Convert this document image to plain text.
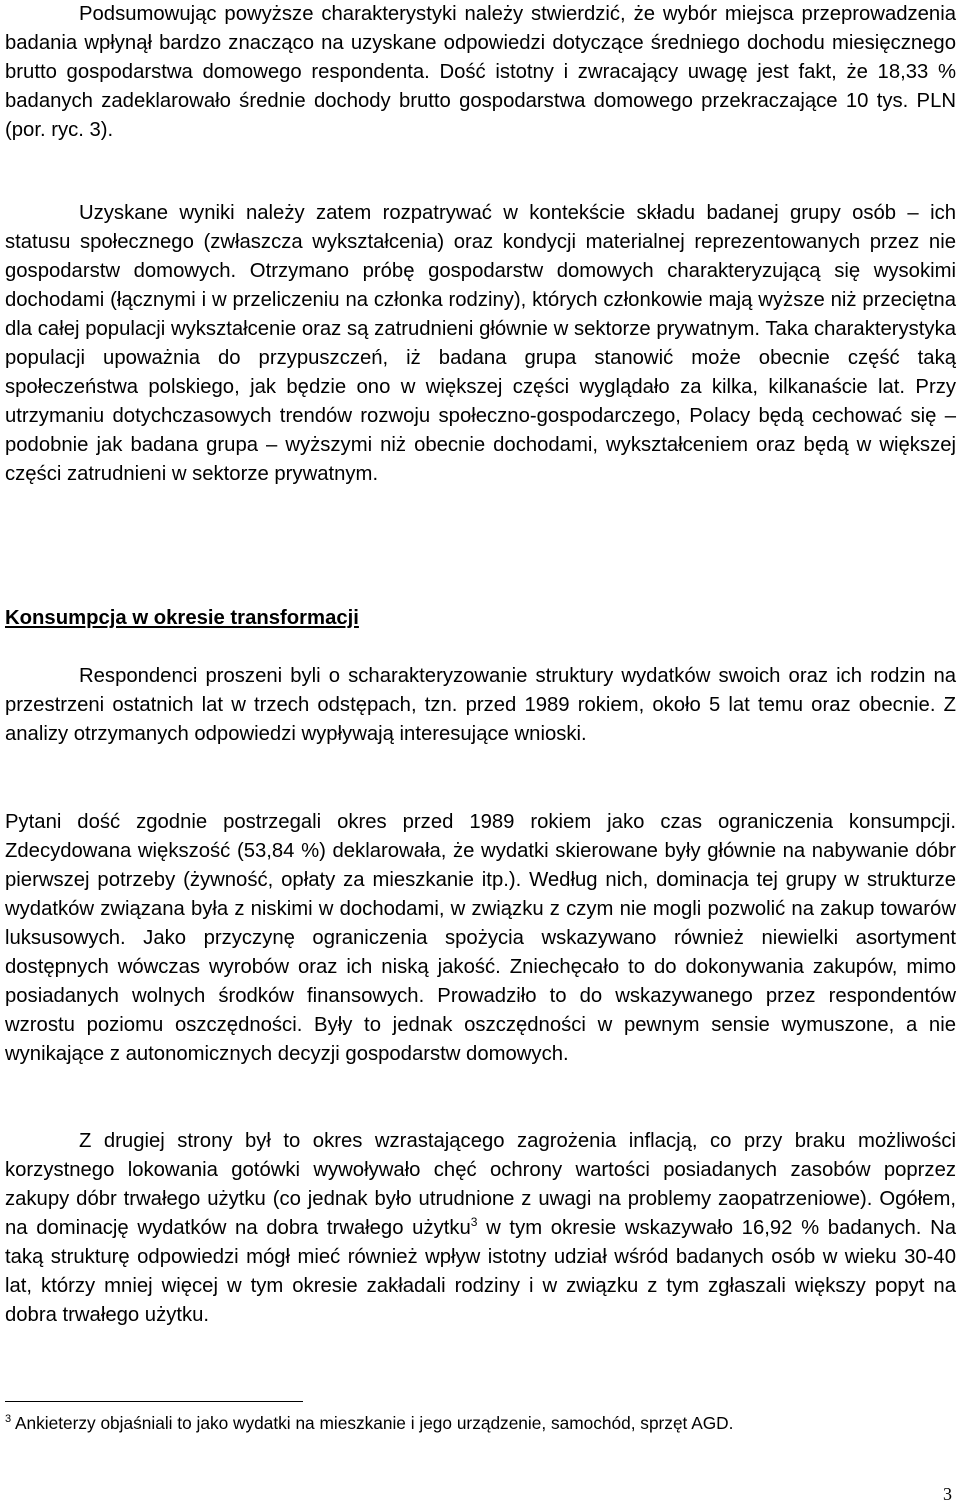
Podsumowując powyższe charakterystyki należy stwierdzić, że wybór miejsca przeprowadzenia badania wpłynął bardzo znacząco na uzyskane odpowiedzi dotyczące średniego dochodu miesięcznego brutto gospodarstwa domowego respondenta. Dość istotny i zwracający uwagę jest fakt, że 18,33 % badanych zadeklarowało średnie dochody brutto gospodarstwa domowego przekraczające 10 tys. PLN (por. ryc. 3).

Uzyskane wyniki należy zatem rozpatrywać w kontekście składu badanej grupy osób – ich statusu społecznego (zwłaszcza wykształcenia) oraz kondycji materialnej reprezentowanych przez nie gospodarstw domowych. Otrzymano próbę gospodarstw domowych charakteryzującą się wysokimi dochodami (łącznymi i w przeliczeniu na członka rodziny), których członkowie mają wyższe niż przeciętna dla całej populacji wykształcenie oraz są zatrudnieni głównie w sektorze prywatnym. Taka charakterystyka populacji upoważnia do przypuszczeń, iż badana grupa stanowić może obecnie część taką społeczeństwa polskiego, jak będzie ono w większej części wyglądało za kilka, kilkanaście lat. Przy utrzymaniu dotychczasowych trendów rozwoju społeczno-gospodarczego, Polacy będą cechować się – podobnie jak badana grupa – wyższymi niż obecnie dochodami, wykształceniem oraz będą w większej części zatrudnieni w sektorze prywatnym.

Konsumpcja w okresie transformacji

Respondenci proszeni byli o scharakteryzowanie struktury wydatków swoich oraz ich rodzin na przestrzeni ostatnich lat w trzech odstępach, tzn. przed 1989 rokiem, około 5 lat temu oraz obecnie. Z analizy otrzymanych odpowiedzi wypływają interesujące wnioski.

Pytani dość zgodnie postrzegali okres przed 1989 rokiem jako czas ograniczenia konsumpcji. Zdecydowana większość (53,84 %) deklarowała, że wydatki skierowane były głównie na nabywanie dóbr pierwszej potrzeby (żywność, opłaty za mieszkanie itp.). Według nich, dominacja tej grupy w strukturze wydatków związana była z niskimi w dochodami, w związku z czym nie mogli pozwolić na zakup towarów luksusowych. Jako przyczynę ograniczenia spożycia wskazywano również niewielki asortyment dostępnych wówczas wyrobów oraz ich niską jakość. Zniechęcało to do dokonywania zakupów, mimo posiadanych wolnych środków finansowych. Prowadziło to do wskazywanego przez respondentów wzrostu poziomu oszczędności. Były to jednak oszczędności w pewnym sensie wymuszone, a nie wynikające z autonomicznych decyzji gospodarstw domowych.

Z drugiej strony był to okres wzrastającego zagrożenia inflacją, co przy braku możliwości korzystnego lokowania gotówki wywoływało chęć ochrony wartości posiadanych zasobów poprzez zakupy dóbr trwałego użytku (co jednak było utrudnione z uwagi na problemy zaopatrzeniowe). Ogółem, na dominację wydatków na dobra trwałego użytku$^3$ w tym okresie wskazywało 16,92 % badanych. Na taką strukturę odpowiedzi mógł mieć również wpływ istotny udział wśród badanych osób w wieku 30-40 lat, którzy mniej więcej w tym okresie zakładali rodziny i w związku z tym zgłaszali większy popyt na dobra trwałego użytku.

$^3$ Ankieterzy objaśniali to jako wydatki na mieszkanie i jego urządzenie, samochód, sprzęt AGD.

3
